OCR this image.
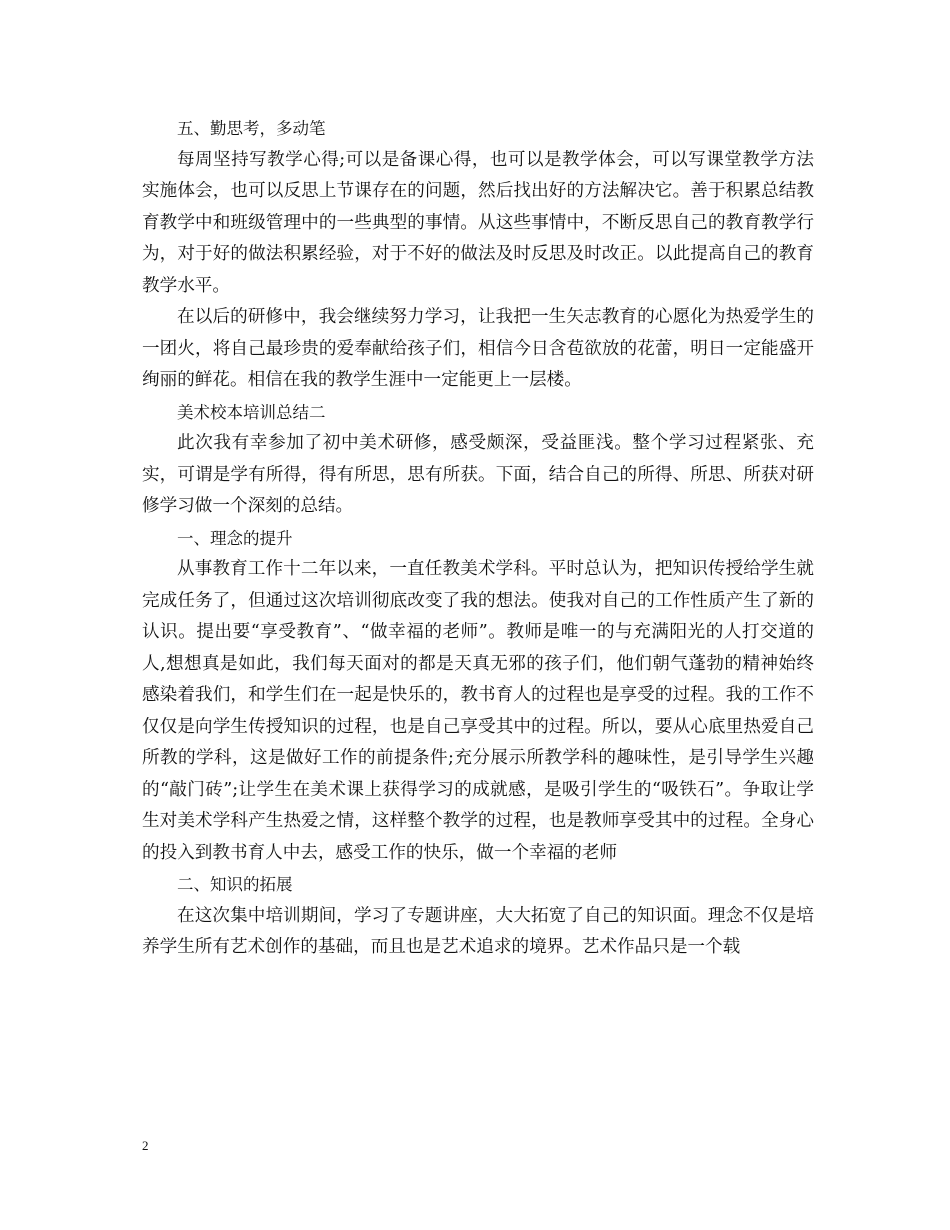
五、勤思考，多动笔

每周坚持写教学心得;可以是备课心得，也可以是教学体会，可以写课堂教学方法实施体会，也可以反思上节课存在的问题，然后找出好的方法解决它。善于积累总结教育教学中和班级管理中的一些典型的事情。从这些事情中，不断反思自己的教育教学行为，对于好的做法积累经验，对于不好的做法及时反思及时改正。以此提高自己的教育教学水平。

在以后的研修中，我会继续努力学习，让我把一生矢志教育的心愿化为热爱学生的一团火，将自己最珍贵的爱奉献给孩子们，相信今日含苞欲放的花蕾，明日一定能盛开绚丽的鲜花。相信在我的教学生涯中一定能更上一层楼。

美术校本培训总结二

此次我有幸参加了初中美术研修，感受颇深，受益匪浅。整个学习过程紧张、充实，可谓是学有所得，得有所思，思有所获。下面，结合自己的所得、所思、所获对研修学习做一个深刻的总结。

一、理念的提升

从事教育工作十二年以来，一直任教美术学科。平时总认为，把知识传授给学生就完成任务了，但通过这次培训彻底改变了我的想法。使我对自己的工作性质产生了新的认识。提出要“享受教育”、“做幸福的老师”。教师是唯一的与充满阳光的人打交道的人,想想真是如此，我们每天面对的都是天真无邪的孩子们，他们朝气蓬勃的精神始终感染着我们，和学生们在一起是快乐的，教书育人的过程也是享受的过程。我的工作不仅仅是向学生传授知识的过程，也是自己享受其中的过程。所以，要从心底里热爱自己所教的学科，这是做好工作的前提条件;充分展示所教学科的趣味性，是引导学生兴趣的“敲门砖”;让学生在美术课上获得学习的成就感，是吸引学生的“吸铁石”。争取让学生对美术学科产生热爱之情，这样整个教学的过程，也是教师享受其中的过程。全身心的投入到教书育人中去，感受工作的快乐，做一个幸福的老师

二、知识的拓展

在这次集中培训期间，学习了专题讲座，大大拓宽了自己的知识面。理念不仅是培养学生所有艺术创作的基础，而且也是艺术追求的境界。艺术作品只是一个载

2
